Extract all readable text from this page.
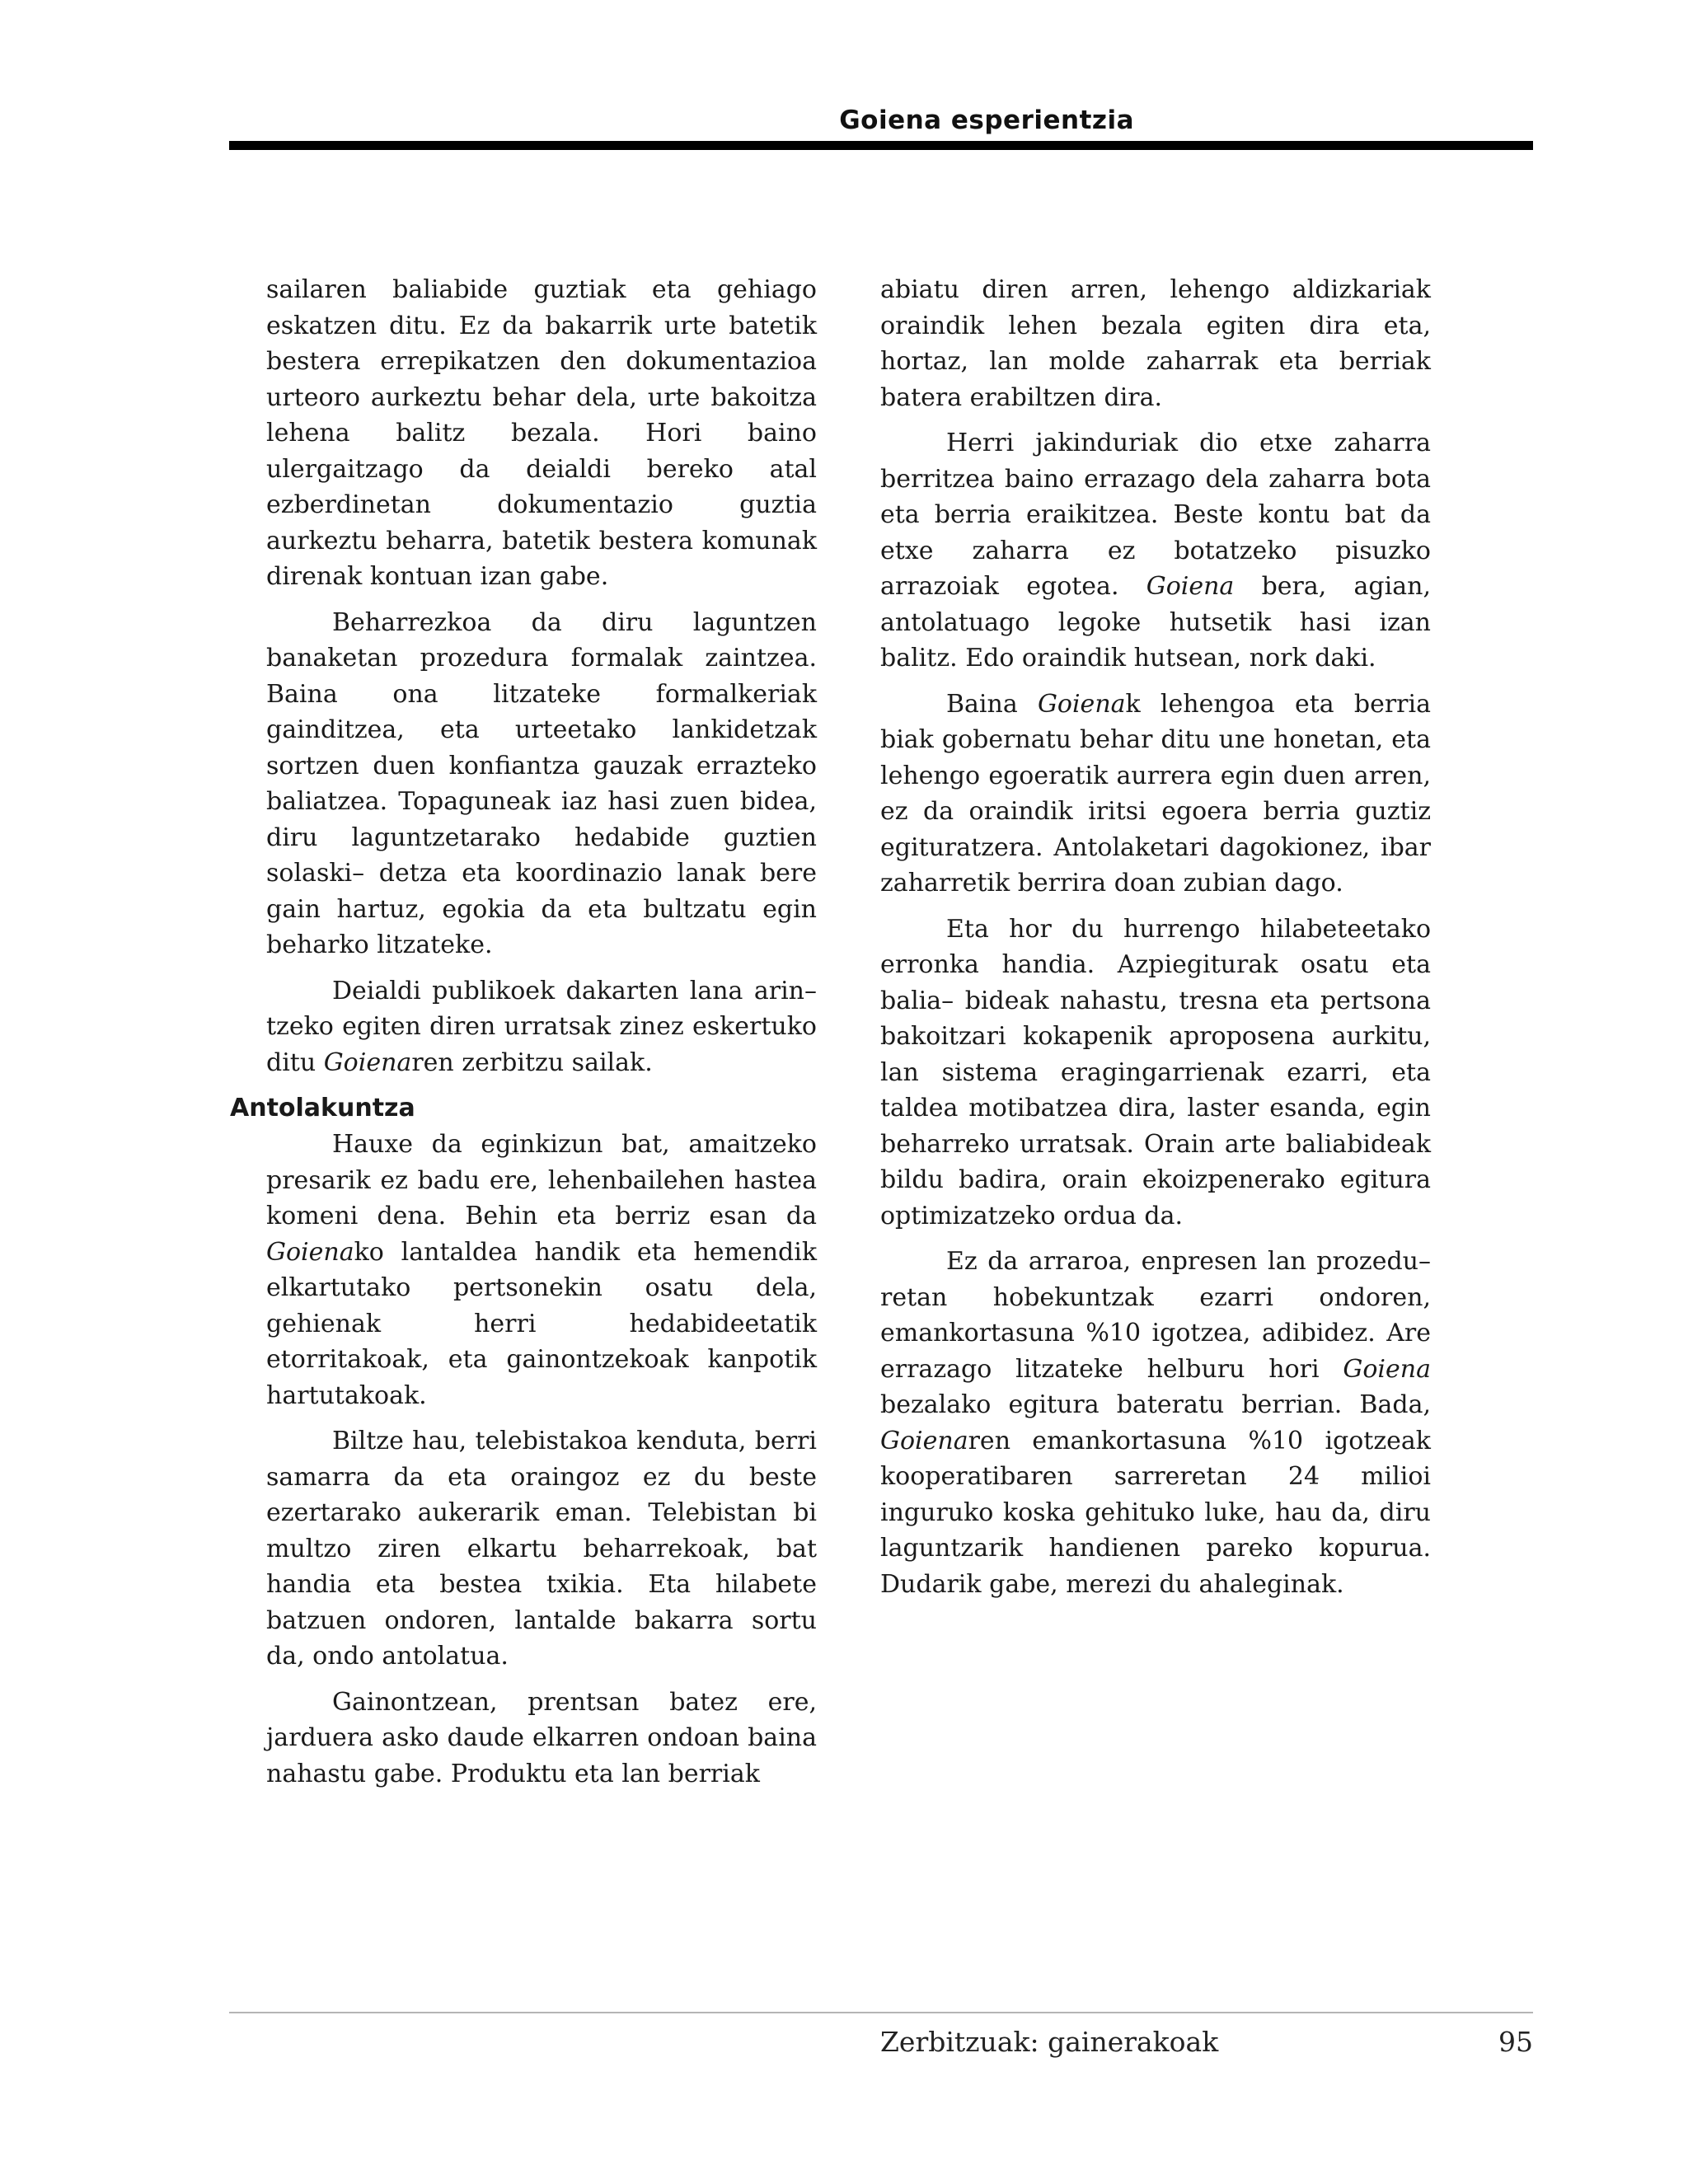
Goiena esperientzia

sailaren baliabide guztiak eta gehiago eskatzen ditu. Ez da bakarrik urte batetik bestera errepikatzen den dokumentazioa urteoro aurkeztu behar dela, urte bakoitza lehena balitz bezala. Hori baino ulergaitzago da deialdi bereko atal ezberdinetan dokumentazio guztia aurkeztu beharra, batetik bestera komunak direnak kontuan izan gabe.

Beharrezkoa da diru laguntzen banaketan prozedura formalak zaintzea. Baina ona litzateke formalkeriak gainditzea, eta urteetako lankidetzak sortzen duen konfiantza gauzak errazteko baliatzea. Topaguneak iaz hasi zuen bidea, diru laguntzetarako hedabide guztien solaski– detza eta koordinazio lanak bere gain hartuz, egokia da eta bultzatu egin beharko litzateke.

Deialdi publikoek dakarten lana arin– tzeko egiten diren urratsak zinez eskertuko ditu Goienaren zerbitzu sailak.

Antolakuntza

Hauxe da eginkizun bat, amaitzeko presarik ez badu ere, lehenbailehen hastea komeni dena. Behin eta berriz esan da Goienako lantaldea handik eta hemendik elkartutako pertsonekin osatu dela, gehienak herri hedabideetatik etorritakoak, eta gainontzekoak kanpotik hartutakoak.

Biltze hau, telebistakoa kenduta, berri samarra da eta oraingoz ez du beste ezertarako aukerarik eman. Telebistan bi multzo ziren elkartu beharrekoak, bat handia eta bestea txikia. Eta hilabete batzuen ondoren, lantalde bakarra sortu da, ondo antolatua.

Gainontzean, prentsan batez ere, jarduera asko daude elkarren ondoan baina nahastu gabe. Produktu eta lan berriak

abiatu diren arren, lehengo aldizkariak oraindik lehen bezala egiten dira eta, hortaz, lan molde zaharrak eta berriak batera erabiltzen dira.

Herri jakinduriak dio etxe zaharra berritzea baino errazago dela zaharra bota eta berria eraikitzea. Beste kontu bat da etxe zaharra ez botatzeko pisuzko arrazoiak egotea. Goiena bera, agian, antolatuago legoke hutsetik hasi izan balitz. Edo oraindik hutsean, nork daki.

Baina Goienak lehengoa eta berria biak gobernatu behar ditu une honetan, eta lehengo egoeratik aurrera egin duen arren, ez da oraindik iritsi egoera berria guztiz egituratzera. Antolaketari dagokionez, ibar zaharretik berrira doan zubian dago.

Eta hor du hurrengo hilabeteetako erronka handia. Azpiegiturak osatu eta balia– bideak nahastu, tresna eta pertsona bakoitzari kokapenik aproposena aurkitu, lan sistema eragingarrienak ezarri, eta taldea motibatzea dira, laster esanda, egin beharreko urratsak. Orain arte baliabideak bildu badira, orain ekoizpenerako egitura optimizatzeko ordua da.

Ez da arraroa, enpresen lan prozedu– retan hobekuntzak ezarri ondoren, emankortasuna %10 igotzea, adibidez. Are errazago litzateke helburu hori Goiena bezalako egitura bateratu berrian. Bada, Goienaren emankortasuna %10 igotzeak kooperatibaren sarreretan 24 milioi inguruko koska gehituko luke, hau da, diru laguntzarik handienen pareko kopurua. Dudarik gabe, merezi du ahaleginak.

Zerbitzuak: gainerakoak	95
